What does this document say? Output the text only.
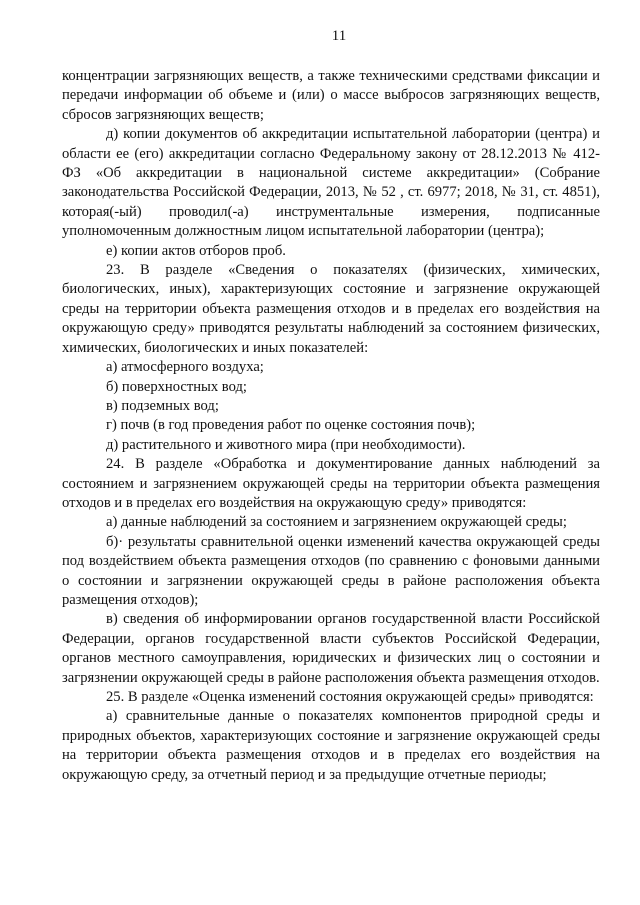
11

концентрации загрязняющих веществ, а также техническими средствами фиксации и передачи информации об объеме и (или) о массе выбросов загрязняющих веществ, сбросов загрязняющих веществ;

д) копии документов об аккредитации испытательной лаборатории (центра) и области ее (его) аккредитации согласно Федеральному закону от 28.12.2013 № 412-ФЗ «Об аккредитации в национальной системе аккредитации» (Собрание законодательства Российской Федерации, 2013, № 52 , ст. 6977; 2018, № 31, ст. 4851), которая(-ый) проводил(-а) инструментальные измерения, подписанные уполномоченным должностным лицом испытательной лаборатории (центра);

е) копии актов отборов проб.

23. В разделе «Сведения о показателях (физических, химических, биологических, иных), характеризующих состояние и загрязнение окружающей среды на территории объекта размещения отходов и в пределах его воздействия на окружающую среду» приводятся результаты наблюдений за состоянием физических, химических, биологических и иных показателей:

а) атмосферного воздуха;

б) поверхностных вод;

в) подземных вод;

г) почв (в год проведения работ по оценке состояния почв);

д) растительного и животного мира (при необходимости).

24. В разделе «Обработка и документирование данных наблюдений за состоянием и загрязнением окружающей среды на территории объекта размещения отходов и в пределах его воздействия на окружающую среду» приводятся:

а) данные наблюдений за состоянием и загрязнением окружающей среды;

б)· результаты сравнительной оценки изменений качества окружающей среды под воздействием объекта размещения отходов (по сравнению с фоновыми данными о состоянии и загрязнении окружающей среды в районе расположения объекта размещения отходов);

в) сведения об информировании органов государственной власти Российской Федерации, органов государственной власти субъектов Российской Федерации, органов местного самоуправления, юридических и физических лиц о состоянии и загрязнении окружающей среды в районе расположения объекта размещения отходов.

25. В разделе «Оценка изменений состояния окружающей среды» приводятся:

а) сравнительные данные о показателях компонентов природной среды и природных объектов, характеризующих состояние и загрязнение окружающей среды на территории объекта размещения отходов и в пределах его воздействия на окружающую среду, за отчетный период и за предыдущие отчетные периоды;
